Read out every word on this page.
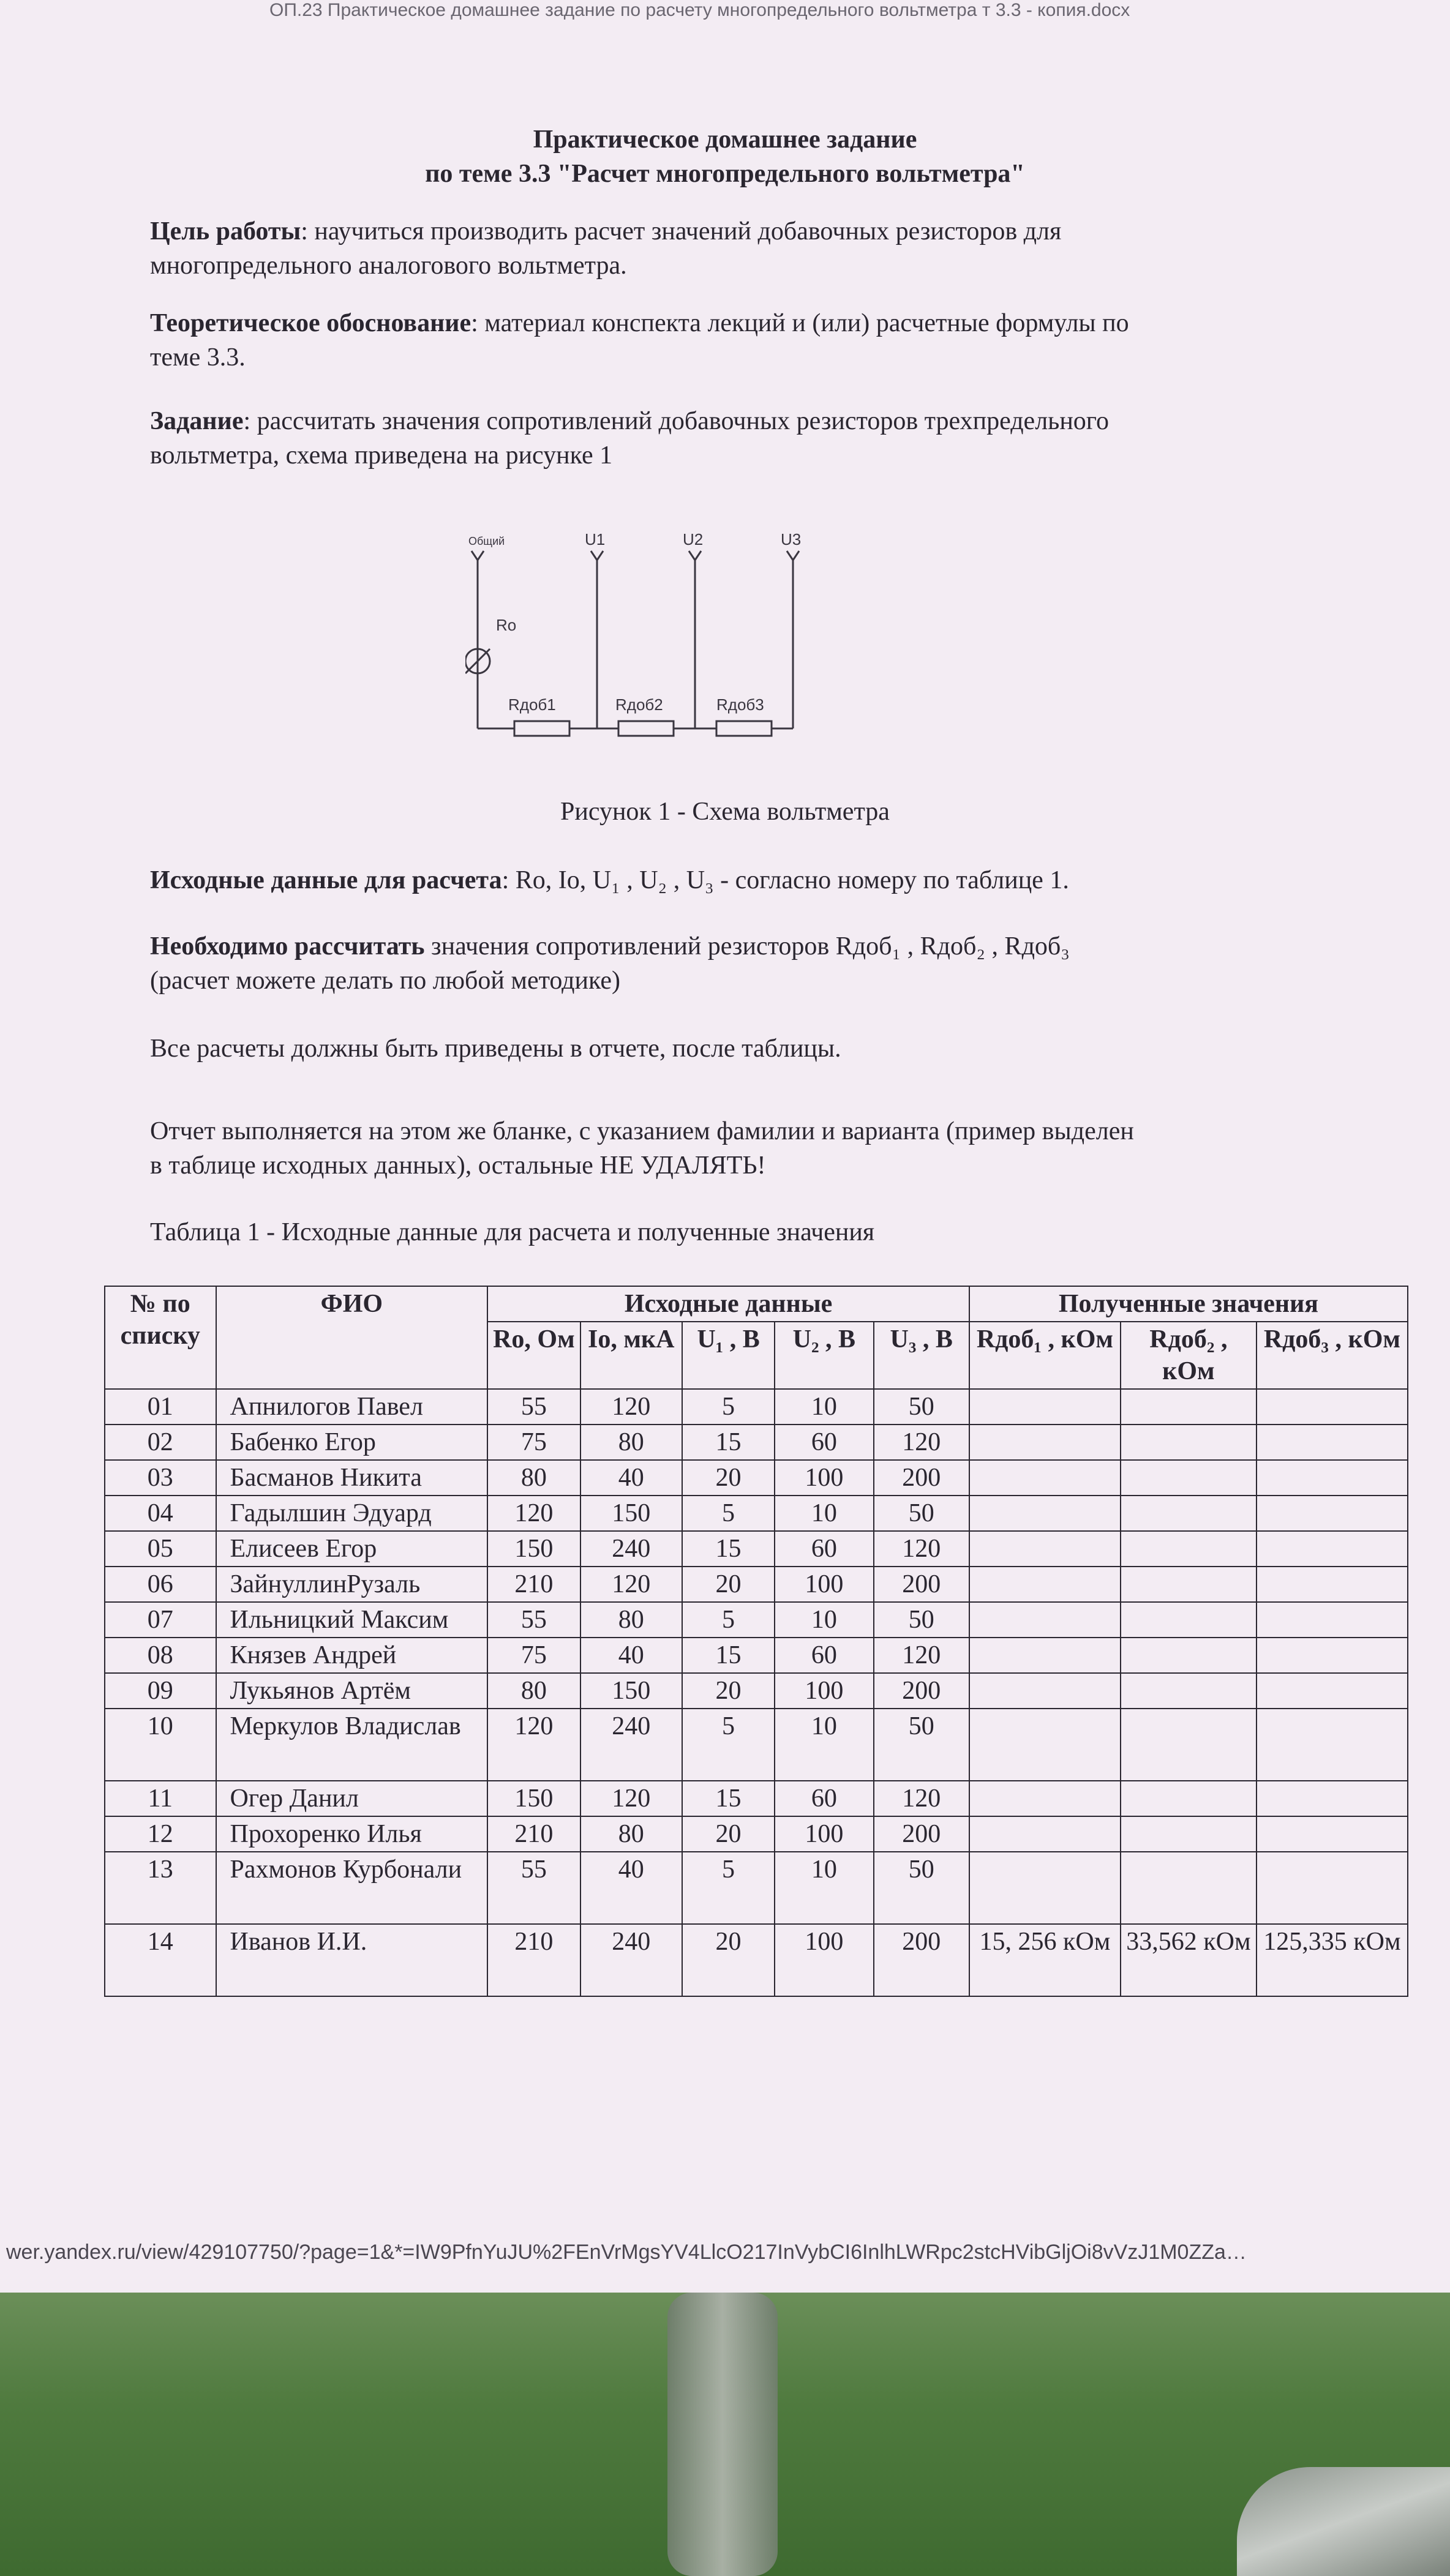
ОП.23 Практическое домашнее задание по расчету многопредельного вольтметра т 3.3 - копия.docx
Практическое домашнее задание
по теме 3.3 "Расчет многопредельного вольтметра"
Цель работы: научиться производить расчет значений добавочных резисторов для
многопредельного аналогового вольтметра.
Теоретическое обоснование: материал конспекта лекций и (или) расчетные формулы по
теме 3.3.
Задание: рассчитать значения сопротивлений добавочных резисторов трехпредельного
вольтметра, схема приведена на рисунке 1
Общий	U1	U2	U3
Ro
Rдоб1	Rдоб2	Rдоб3
Рисунок 1 - Схема вольтметра
Исходные данные для расчета: Ro, Io, U₁ , U₂ , U₃ - согласно номеру по таблице 1.
Необходимо рассчитать значения сопротивлений резисторов Rдоб₁ , Rдоб₂ , Rдоб₃
(расчет можете делать по любой методике)
Все расчеты должны быть приведены в отчете, после таблицы.
Отчет выполняется на этом же бланке, с указанием фамилии и варианта (пример выделен
в таблице исходных данных), остальные НЕ УДАЛЯТЬ!
Таблица 1 - Исходные данные для расчета и полученные значения
№ по списку	ФИО	Исходные данные					Полученные значения		
		Ro, Ом	Io, мкА	U₁ , В	U₂ , В	U₃ , В	Rдоб₁ , кОм	Rдоб₂ , кОм	Rдоб₃ , кОм
01	Апнилогов Павел	55	120	5	10	50			
02	Бабенко Егор	75	80	15	60	120			
03	Басманов Никита	80	40	20	100	200			
04	Гадылшин Эдуард	120	150	5	10	50			
05	Елисеев Егор	150	240	15	60	120			
06	ЗайнуллинРузаль	210	120	20	100	200			
07	Ильницкий Максим	55	80	5	10	50			
08	Князев Андрей	75	40	15	60	120			
09	Лукьянов Артём	80	150	20	100	200			
10	Меркулов Владислав	120	240	5	10	50			
11	Огер Данил	150	120	15	60	120			
12	Прохоренко Илья	210	80	20	100	200			
13	Рахмонов Курбонали	55	40	5	10	50			
14	Иванов И.И.	210	240	20	100	200	15, 256 кОм	33,562 кОм	125,335 кОм
wer.yandex.ru/view/429107750/?page=1&*=IW9PfnYuJU%2FEnVrMgsYV4LlcO217InVybCI6InlhLWRpc2stcHVibGljOi8vVzJ1M0ZZa…
